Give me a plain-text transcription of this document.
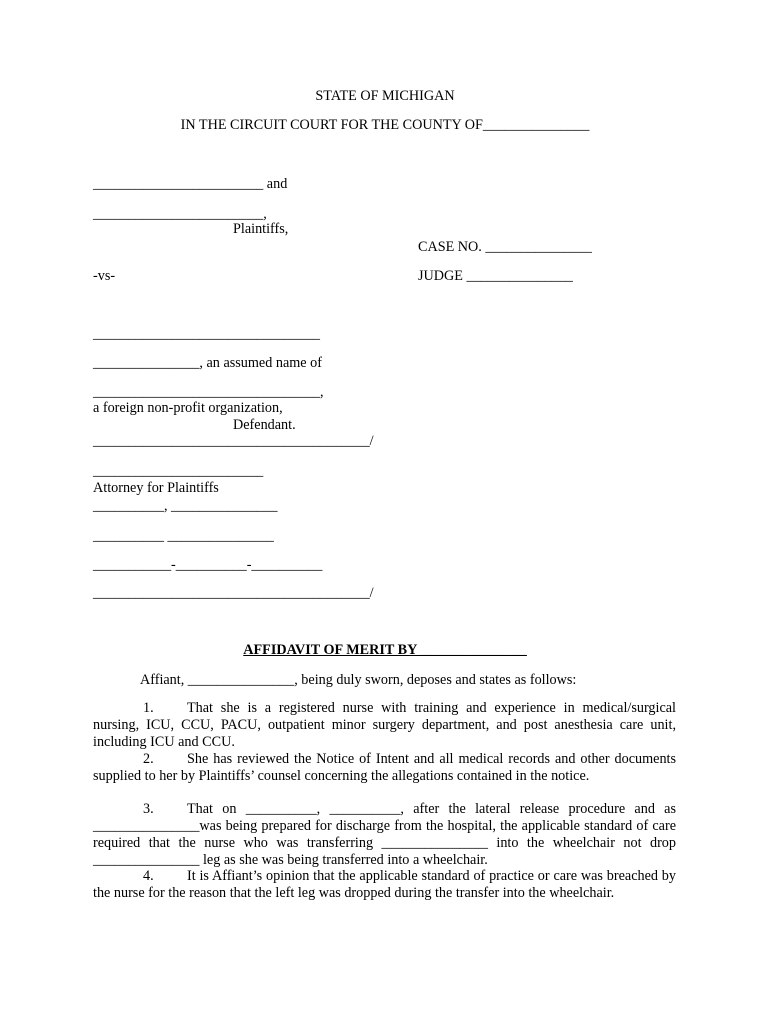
STATE OF MICHIGAN
IN THE CIRCUIT COURT FOR THE COUNTY OF_______________
________________________ and
________________________,
Plaintiffs,
CASE NO. _______________
-vs-	JUDGE _______________
________________________________
_______________, an assumed name of
________________________________,
a foreign non-profit organization,
Defendant.
_______________________________________/
________________________
Attorney for Plaintiffs
__________, _______________
__________ _______________
___________-__________-__________
_______________________________________/
AFFIDAVIT OF MERIT BY _______________
Affiant, _______________, being duly sworn, deposes and states as follows:
1. That she is a registered nurse with training and experience in medical/surgical nursing, ICU, CCU, PACU, outpatient minor surgery department, and post anesthesia care unit, including ICU and CCU.
2. She has reviewed the Notice of Intent and all medical records and other documents supplied to her by Plaintiffs’ counsel concerning the allegations contained in the notice.
3. That on __________, __________, after the lateral release procedure and as _______________was being prepared for discharge from the hospital, the applicable standard of care required that the nurse who was transferring _______________ into the wheelchair not drop _______________ leg as she was being transferred into a wheelchair.
4. It is Affiant’s opinion that the applicable standard of practice or care was breached by the nurse for the reason that the left leg was dropped during the transfer into the wheelchair.
